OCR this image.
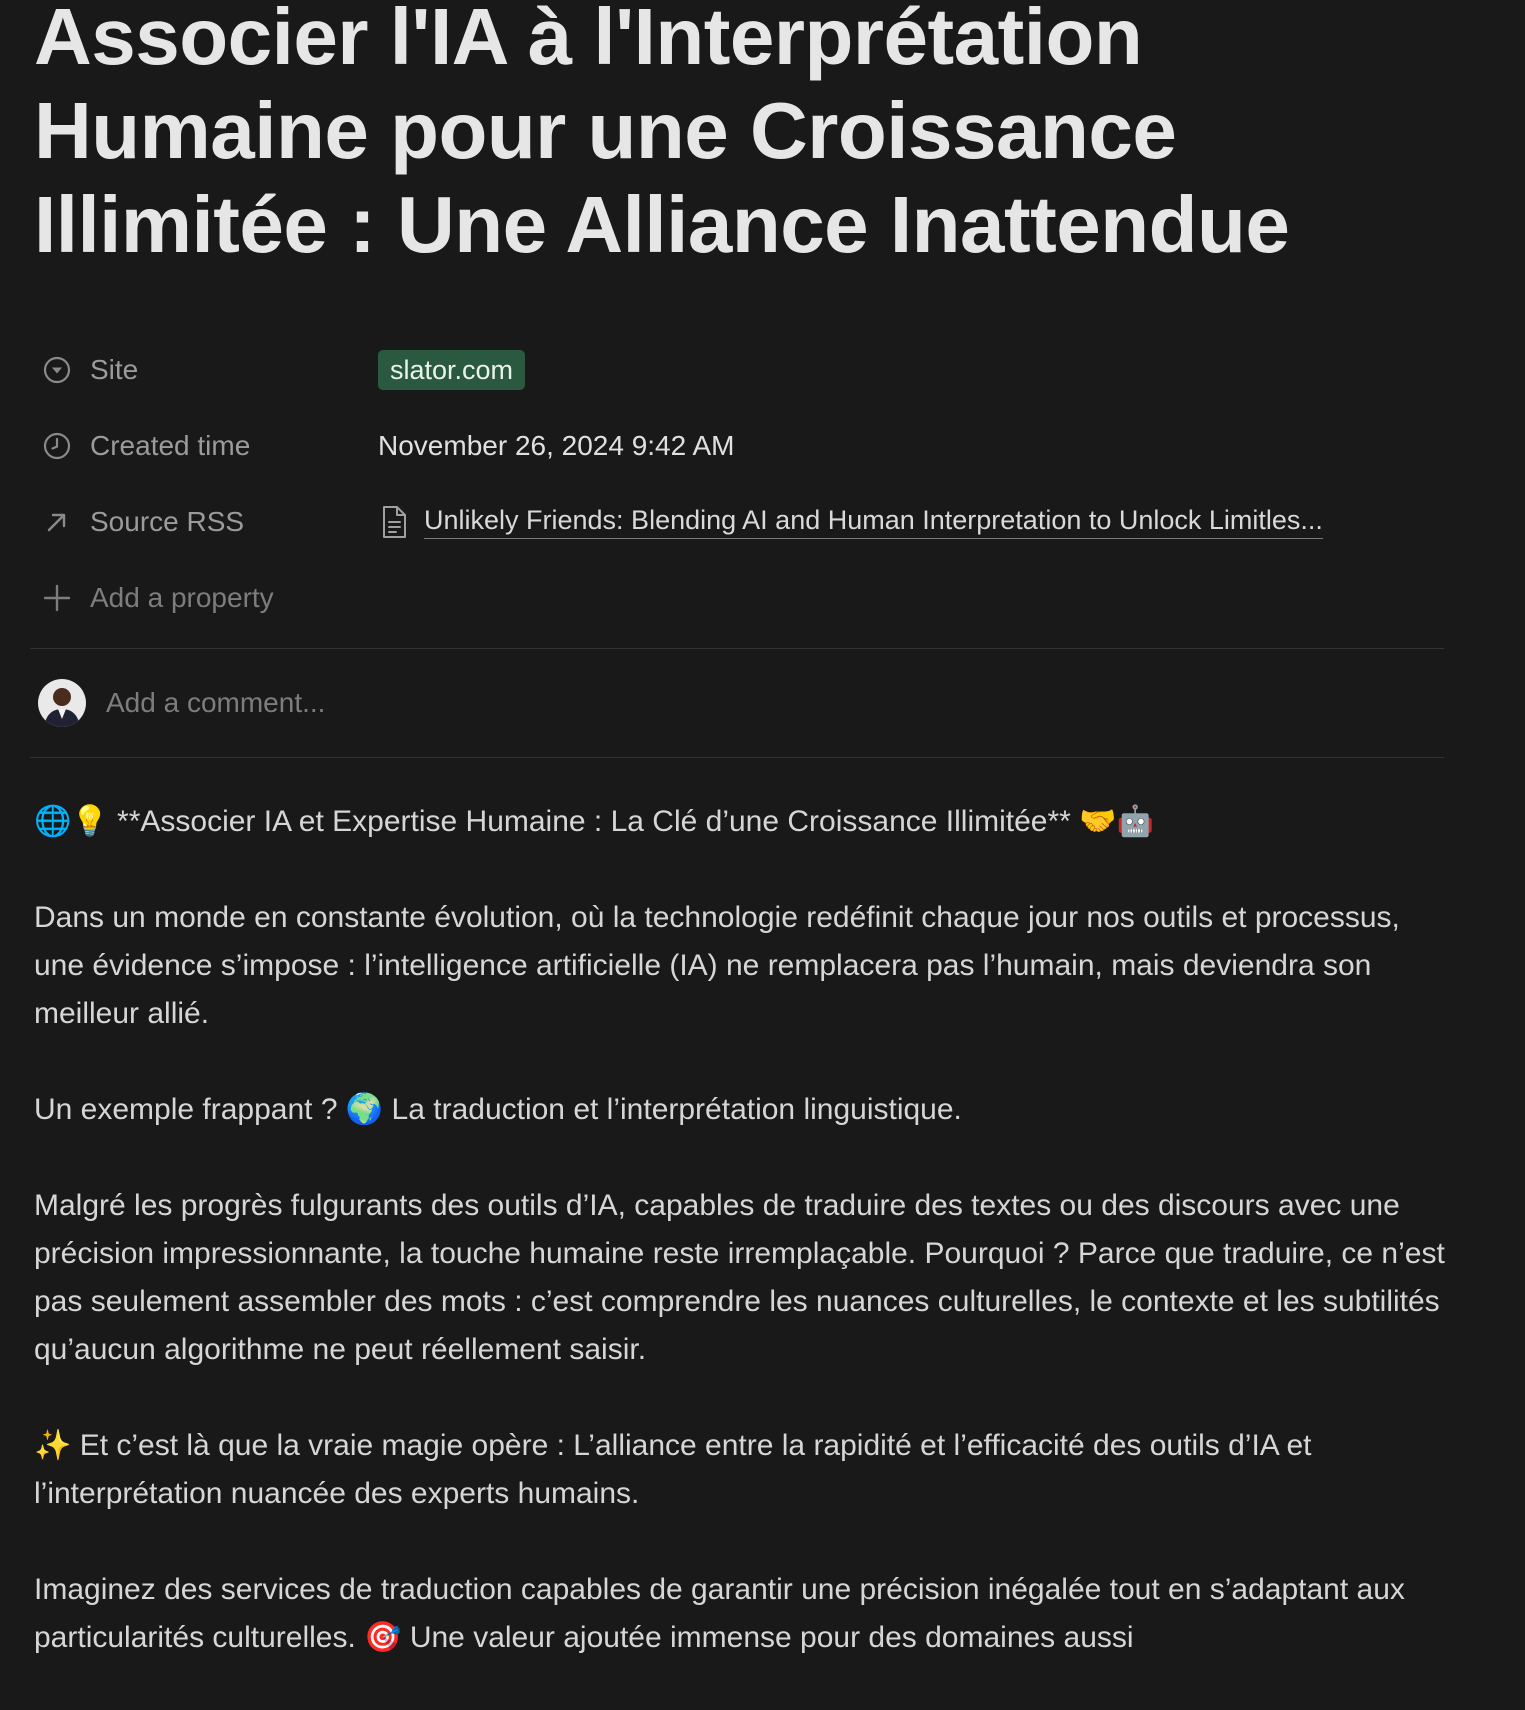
Associer l'IA à l'Interprétation Humaine pour une Croissance Illimitée : Une Alliance Inattendue
Site	slator.com
Created time	November 26, 2024 9:42 AM
Source RSS	Unlikely Friends: Blending AI and Human Interpretation to Unlock Limitles...
Add a property
Add a comment...

🌐💡 **Associer IA et Expertise Humaine : La Clé d’une Croissance Illimitée** 🤝🤖

Dans un monde en constante évolution, où la technologie redéfinit chaque jour nos outils et processus, une évidence s’impose : l’intelligence artificielle (IA) ne remplacera pas l’humain, mais deviendra son meilleur allié.

Un exemple frappant ? 🌍 La traduction et l’interprétation linguistique.

Malgré les progrès fulgurants des outils d’IA, capables de traduire des textes ou des discours avec une précision impressionnante, la touche humaine reste irremplaçable. Pourquoi ? Parce que traduire, ce n’est pas seulement assembler des mots : c’est comprendre les nuances culturelles, le contexte et les subtilités qu’aucun algorithme ne peut réellement saisir.

✨ Et c’est là que la vraie magie opère : L’alliance entre la rapidité et l’efficacité des outils d’IA et l’interprétation nuancée des experts humains.

Imaginez des services de traduction capables de garantir une précision inégalée tout en s’adaptant aux particularités culturelles. 🎯 Une valeur ajoutée immense pour des domaines aussi
